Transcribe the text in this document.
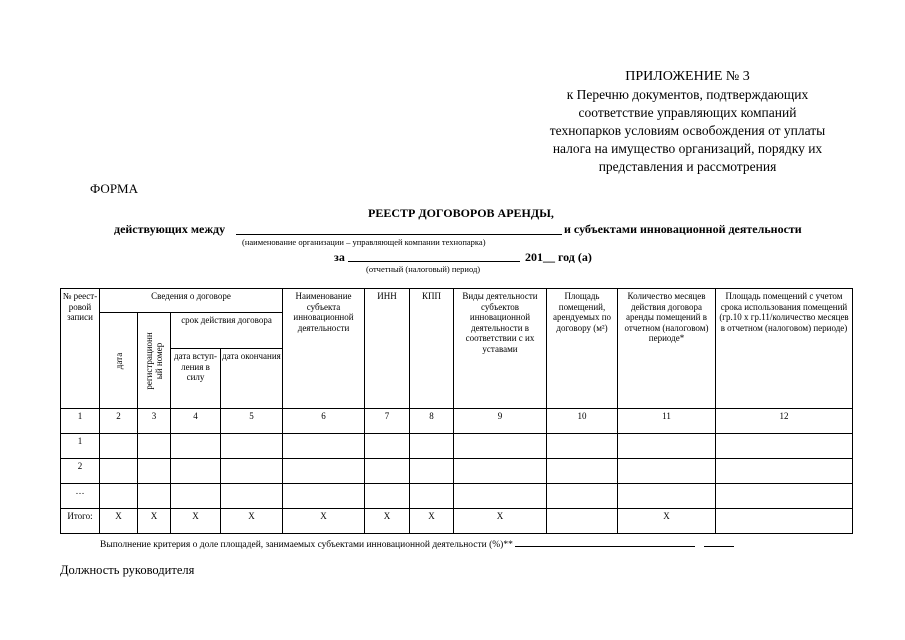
ПРИЛОЖЕНИЕ № 3
к Перечню документов, подтверждающих
соответствие управляющих компаний
технопарков условиям освобождения от уплаты
налога на имущество организаций, порядку их
представления и рассмотрения
ФОРМА
РЕЕСТР ДОГОВОРОВ АРЕНДЫ,
действующих между	и субъектами инновационной деятельности
(наименование организации – управляющей компании технопарка)
за	201__ год (а)
(отчетный (налоговый) период)
№ реест-ровой записи	Сведения о договоре				Наименование субъекта инновационной деятельности	ИНН	КПП	Виды деятельности субъектов инновационной деятельности в соответствии с их уставами	Площадь помещений, арендуемых по договору (м²)	Количество месяцев действия договора аренды помещений в отчетном (налоговом) периоде*	Площадь помещений с учетом срока использования помещений (гр.10 х гр.11/количество месяцев в отчетном (налоговом) периоде)

	дата	регистрационн ый номер	срок действия договора								
			дата вступ-ления в силу	дата окончания							
1	2	3	4	5	6	7	8	9	10	11	12
1											
2											
…											
Итого:	X	X	X	X	X	X	X	X		X	
Выполнение критерия о доле площадей, занимаемых субъектами инновационной деятельности (%)**
Должность руководителя
